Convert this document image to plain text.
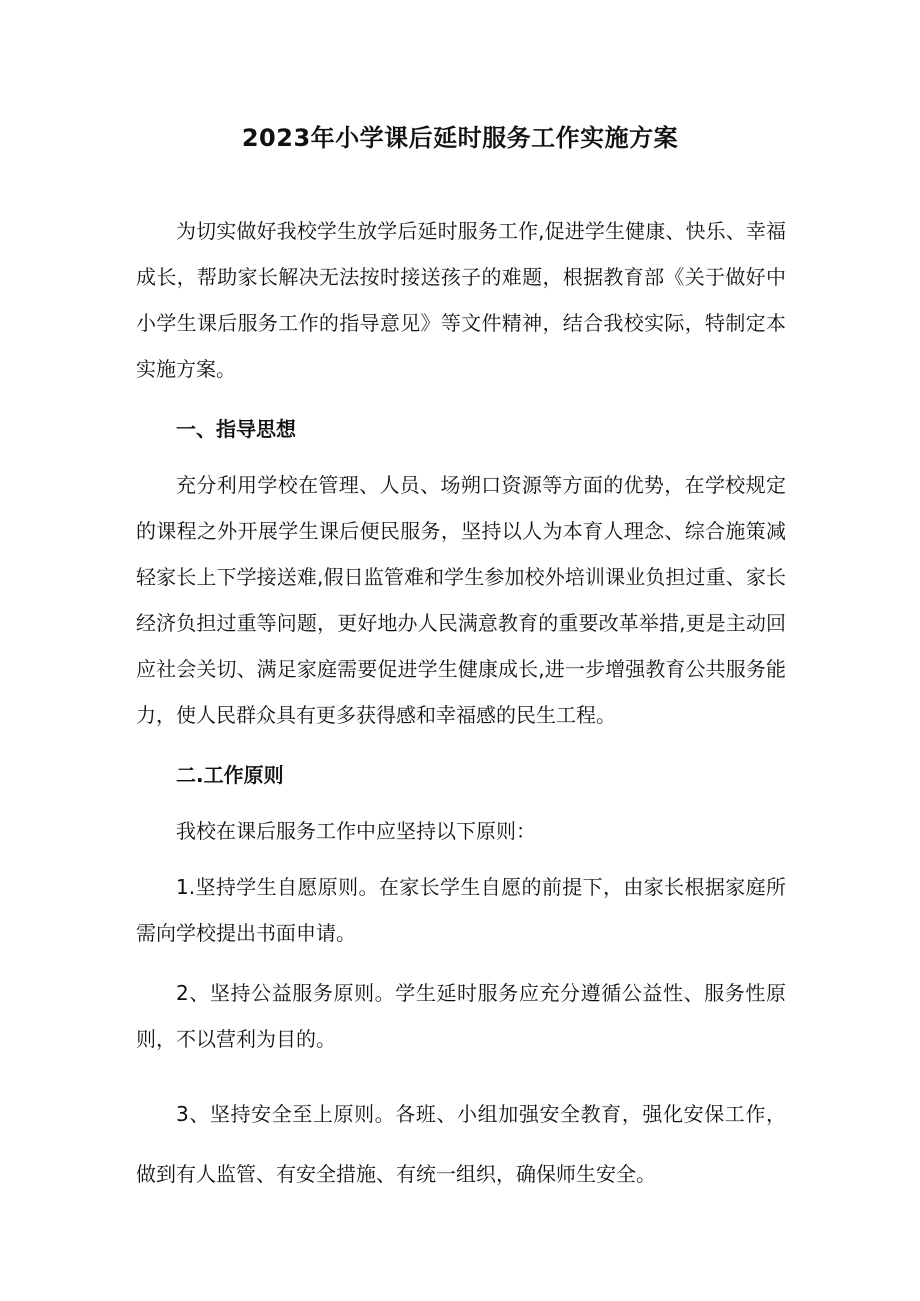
2023年小学课后延时服务工作实施方案

为切实做好我校学生放学后延时服务工作,促进学生健康、快乐、幸福成长，帮助家长解决无法按时接送孩子的难题，根据教育部《关于做好中小学生课后服务工作的指导意见》等文件精神，结合我校实际，特制定本实施方案。

一、指导思想

充分利用学校在管理、人员、场朔口资源等方面的优势，在学校规定的课程之外开展学生课后便民服务，坚持以人为本育人理念、综合施策减轻家长上下学接送难,假日监管难和学生参加校外培训课业负担过重、家长经济负担过重等问题，更好地办人民满意教育的重要改革举措,更是主动回应社会关切、满足家庭需要促进学生健康成长,进一步增强教育公共服务能力，使人民群众具有更多获得感和幸福感的民生工程。

二.工作原则

我校在课后服务工作中应坚持以下原则：

1.坚持学生自愿原则。在家长学生自愿的前提下，由家长根据家庭所需向学校提出书面申请。

2、坚持公益服务原则。学生延时服务应充分遵循公益性、服务性原则，不以营利为目的。

3、坚持安全至上原则。各班、小组加强安全教育，强化安保工作，做到有人监管、有安全措施、有统一组织，确保师生安全。
